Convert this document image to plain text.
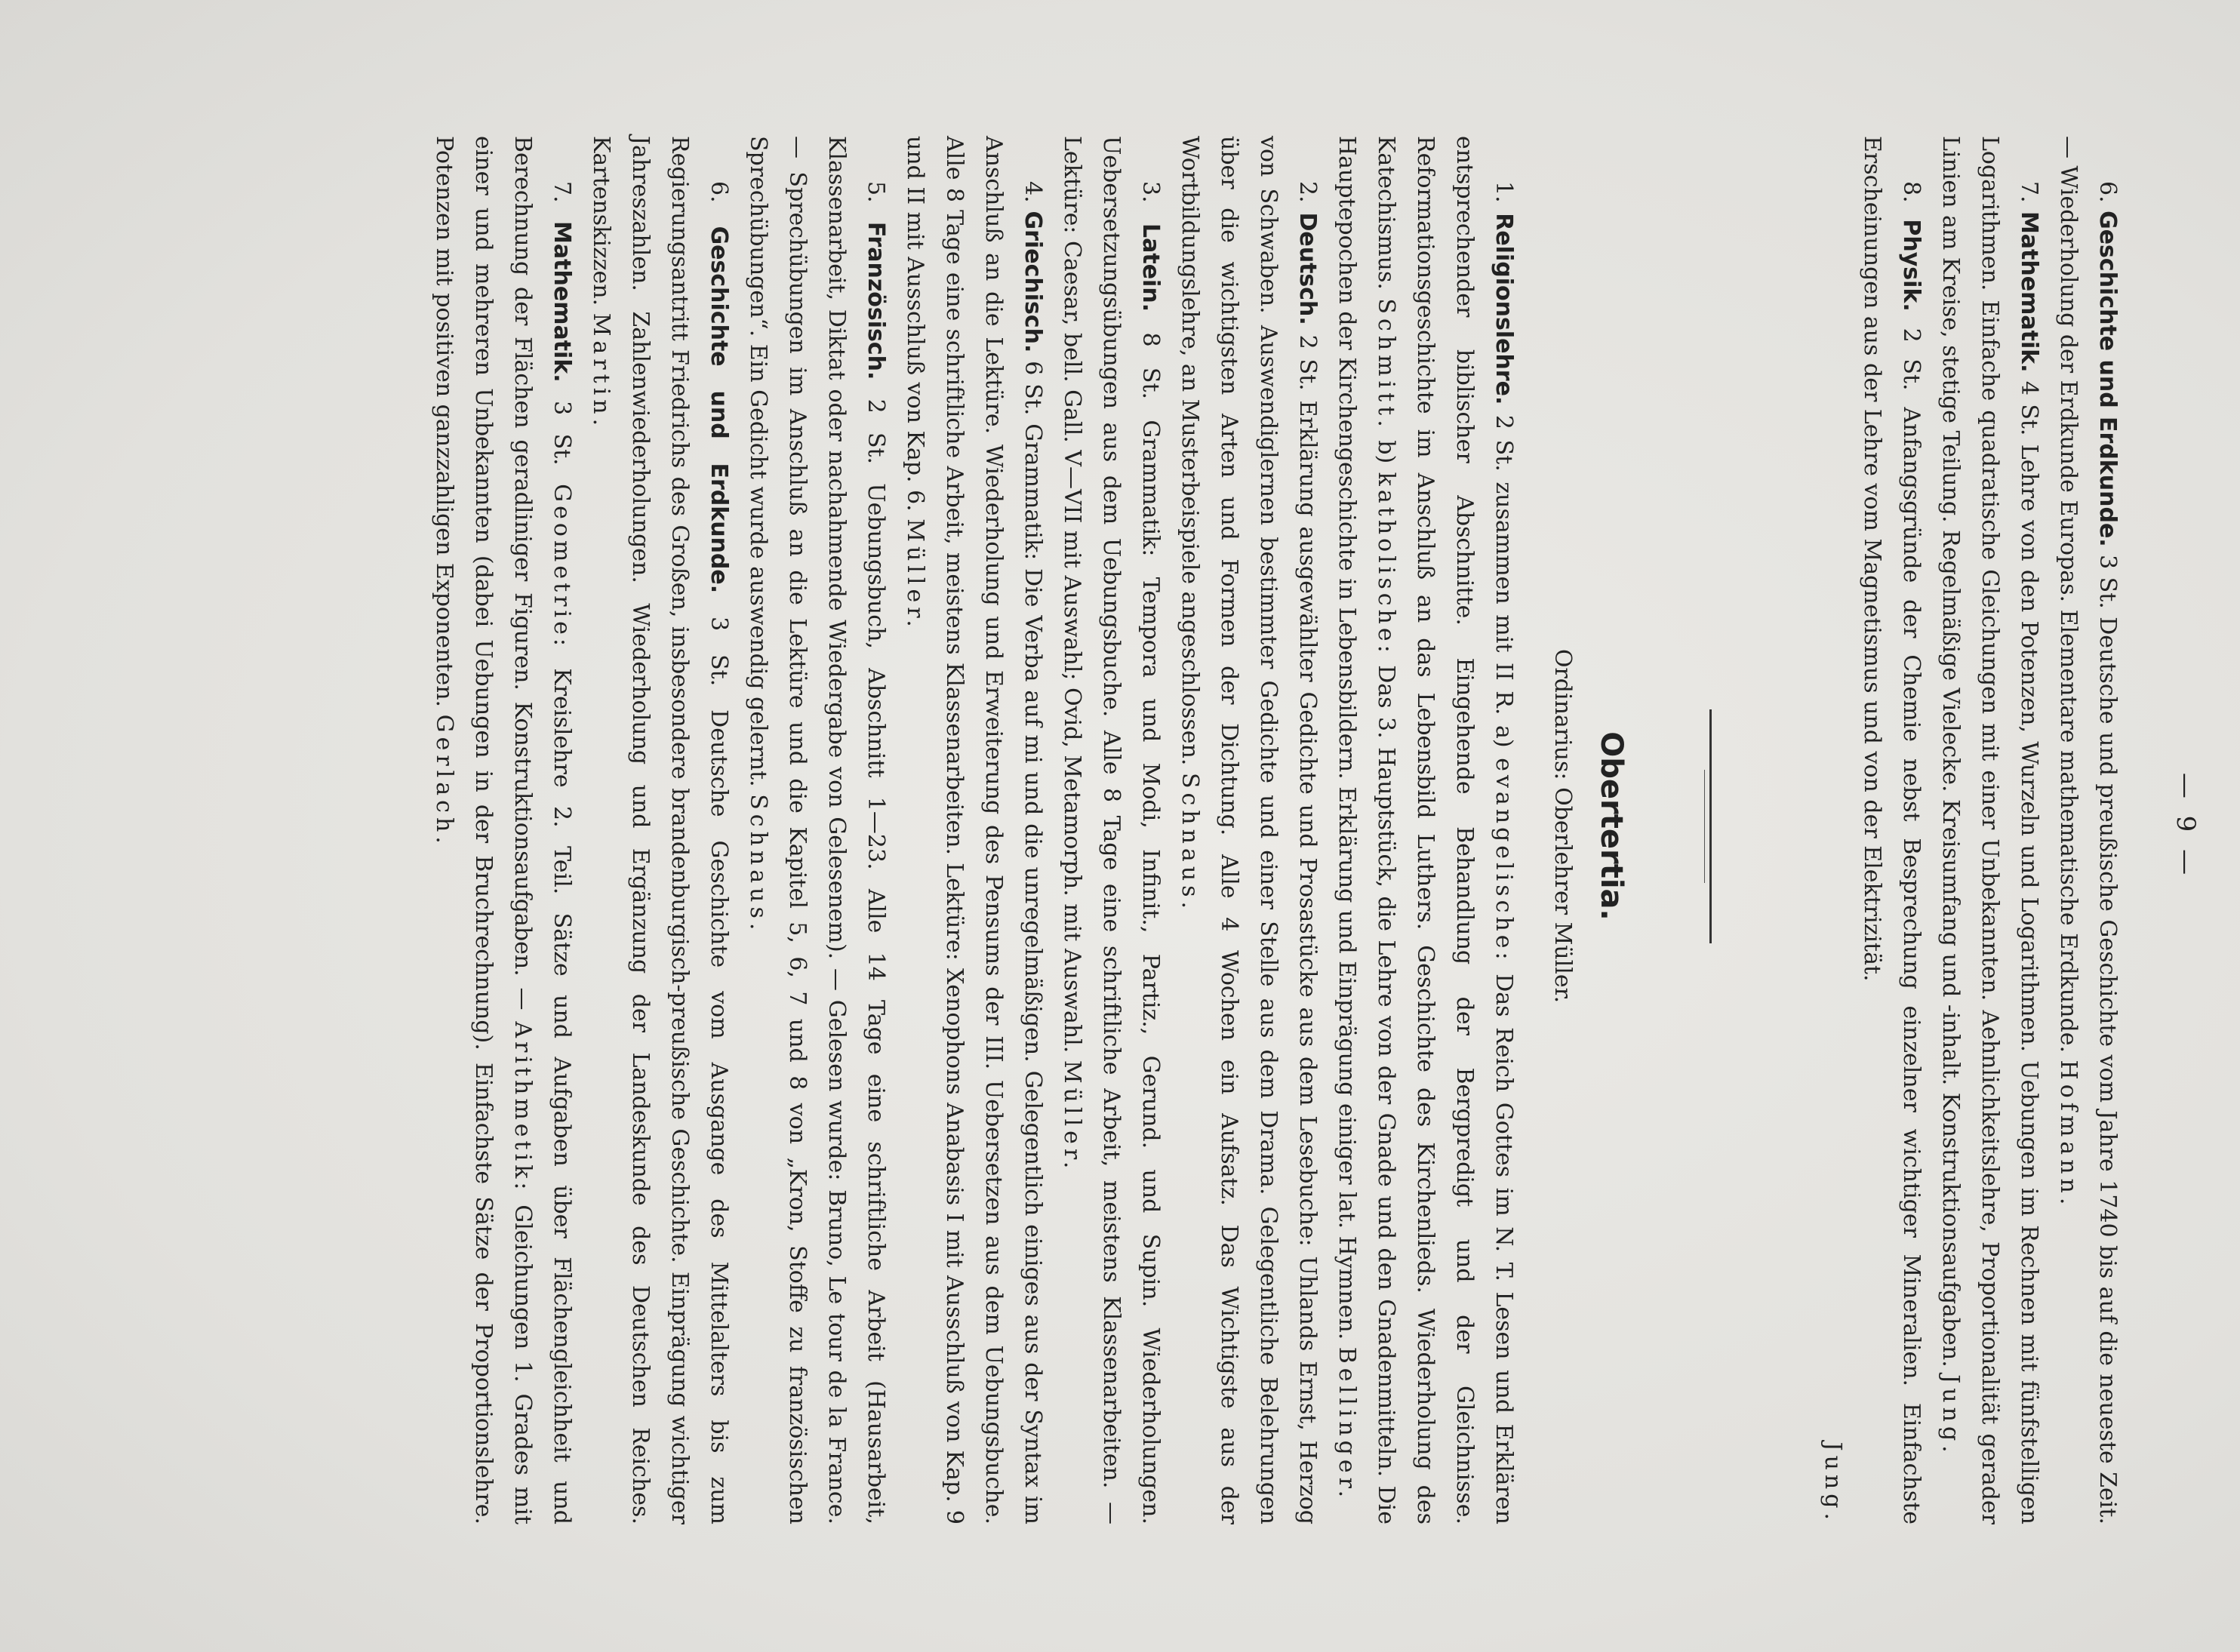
— 9 —

6. Geschichte und Erdkunde. 3 St. Deutsche und preußische Geschichte vom Jahre 1740 bis auf die neueste Zeit. — Wiederholung der Erdkunde Europas. Elementare mathematische Erdkunde. Hofmann.

7. Mathematik. 4 St. Lehre von den Potenzen, Wurzeln und Logarithmen. Uebungen im Rechnen mit fünfstelligen Logarithmen. Einfache quadratische Gleichungen mit einer Unbekannten. Aehnlichkeitslehre, Proportionalität gerader Linien am Kreise, stetige Teilung. Regelmäßige Vielecke. Kreisumfang und -inhalt. Konstruktionsaufgaben. Jung.

8. Physik. 2 St. Anfangsgründe der Chemie nebst Besprechung einzelner wichtiger Mineralien. Einfachste Erscheinungen aus der Lehre vom Magnetismus und von der Elektrizität.
Jung.

Obertertia.
Ordinarius: Oberlehrer Müller.

1. Religionslehre. 2 St. zusammen mit II R. a) evangelische: Das Reich Gottes im N. T. Lesen und Erklären entsprechender biblischer Abschnitte. Eingehende Behandlung der Bergpredigt und der Gleichnisse. Reformationsgeschichte im Anschluß an das Lebensbild Luthers. Geschichte des Kirchenlieds. Wiederholung des Katechismus. Schmitt. b) katholische: Das 3. Hauptstück, die Lehre von der Gnade und den Gnadenmitteln. Die Hauptepochen der Kirchengeschichte in Lebensbildern. Erklärung und Einprägung einiger lat. Hymnen. Bellinger.

2. Deutsch. 2 St. Erklärung ausgewählter Gedichte und Prosastücke aus dem Lesebuche: Uhlands Ernst, Herzog von Schwaben. Auswendiglernen bestimmter Gedichte und einer Stelle aus dem Drama. Gelegentliche Belehrungen über die wichtigsten Arten und Formen der Dichtung. Alle 4 Wochen ein Aufsatz. Das Wichtigste aus der Wortbildungslehre, an Musterbeispiele angeschlossen. Schnaus.

3. Latein. 8 St. Grammatik: Tempora und Modi, Infinit., Partiz., Gerund. und Supin. Wiederholungen. Uebersetzungsübungen aus dem Uebungsbuche. Alle 8 Tage eine schriftliche Arbeit, meistens Klassenarbeiten. — Lektüre: Caesar, bell. Gall. V—VII mit Auswahl; Ovid, Metamorph. mit Auswahl. Müller.

4. Griechisch. 6 St. Grammatik: Die Verba auf mi und die unregelmäßigen. Gelegentlich einiges aus der Syntax im Anschluß an die Lektüre. Wiederholung und Erweiterung des Pensums der III. Uebersetzen aus dem Uebungsbuche. Alle 8 Tage eine schriftliche Arbeit, meistens Klassenarbeiten. Lektüre: Xenophons Anabasis I mit Ausschluß von Kap. 9 und II mit Ausschluß von Kap. 6. Müller.

5. Französisch. 2 St. Uebungsbuch, Abschnitt 1—23. Alle 14 Tage eine schriftliche Arbeit (Hausarbeit, Klassenarbeit, Diktat oder nachahmende Wiedergabe von Gelesenem). — Gelesen wurde: Bruno, Le tour de la France. — Sprechübungen im Anschluß an die Lektüre und die Kapitel 5, 6, 7 und 8 von „Kron, Stoffe zu französischen Sprechübungen“. Ein Gedicht wurde auswendig gelernt. Schnaus.

6. Geschichte und Erdkunde. 3 St. Deutsche Geschichte vom Ausgange des Mittelalters bis zum Regierungsantritt Friedrichs des Großen, insbesondere brandenburgisch-preußische Geschichte. Einprägung wichtiger Jahreszahlen. Zahlenwiederholungen. Wiederholung und Ergänzung der Landeskunde des Deutschen Reiches. Kartenskizzen. Martin.

7. Mathematik. 3 St. Geometrie: Kreislehre 2. Teil. Sätze und Aufgaben über Flächengleichheit und Berechnung der Flächen geradliniger Figuren. Konstruktionsaufgaben. — Arithmetik: Gleichungen 1. Grades mit einer und mehreren Unbekannten (dabei Uebungen in der Bruchrechnung). Einfachste Sätze der Proportionslehre. Potenzen mit positiven ganzzahligen Exponenten. Gerlach.
